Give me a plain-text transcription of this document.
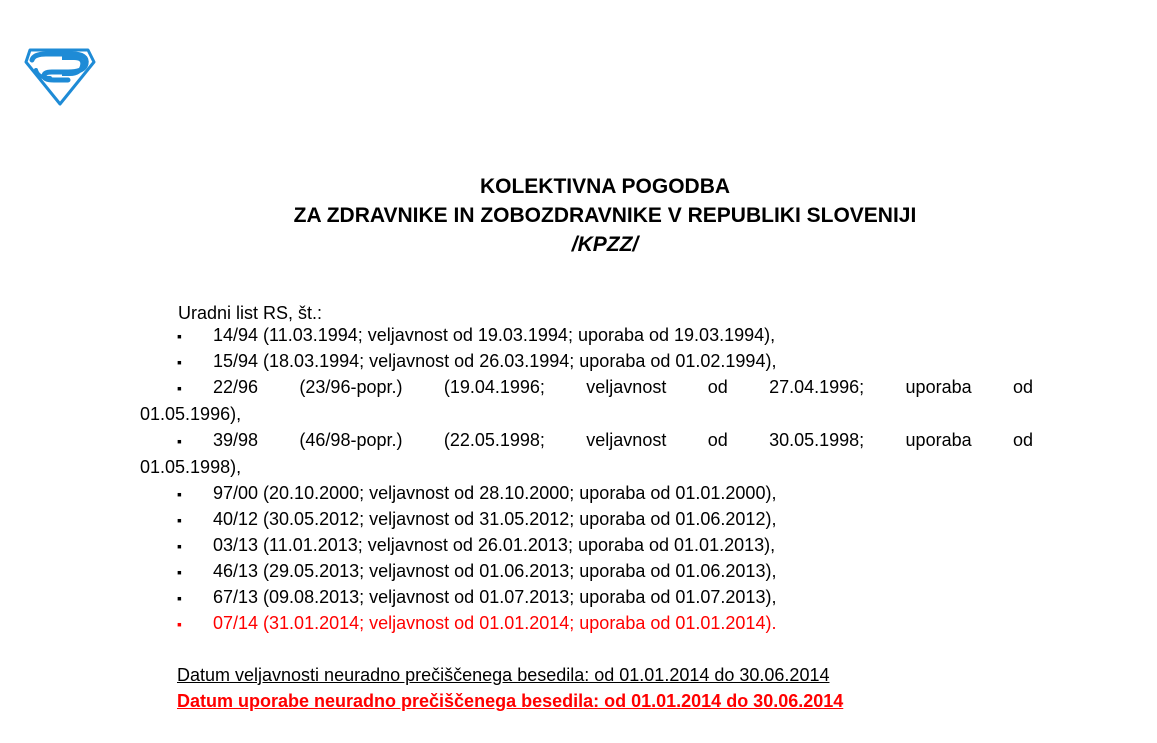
KOLEKTIVNA POGODBA
ZA ZDRAVNIKE IN ZOBOZDRAVNIKE V REPUBLIKI SLOVENIJI
/KPZZ/
Uradni list RS, št.:
▪	14/94 (11.03.1994; veljavnost od 19.03.1994; uporaba od 19.03.1994),
▪	15/94 (18.03.1994; veljavnost od 26.03.1994; uporaba od 01.02.1994),
▪ 22/96 (23/96-popr.) (19.04.1996; veljavnost od 27.04.1996; uporaba od
01.05.1996),
▪ 39/98 (46/98-popr.) (22.05.1998; veljavnost od 30.05.1998; uporaba od
01.05.1998),
▪	97/00 (20.10.2000; veljavnost od 28.10.2000; uporaba od 01.01.2000),
▪	40/12 (30.05.2012; veljavnost od 31.05.2012; uporaba od 01.06.2012),
▪	03/13 (11.01.2013; veljavnost od 26.01.2013; uporaba od 01.01.2013),
▪	46/13 (29.05.2013; veljavnost od 01.06.2013; uporaba od 01.06.2013),
▪	67/13 (09.08.2013; veljavnost od 01.07.2013; uporaba od 01.07.2013),
▪	07/14 (31.01.2014; veljavnost od 01.01.2014; uporaba od 01.01.2014).
Datum veljavnosti neuradno prečiščenega besedila: od 01.01.2014 do 30.06.2014
Datum uporabe neuradno prečiščenega besedila: od 01.01.2014 do 30.06.2014
